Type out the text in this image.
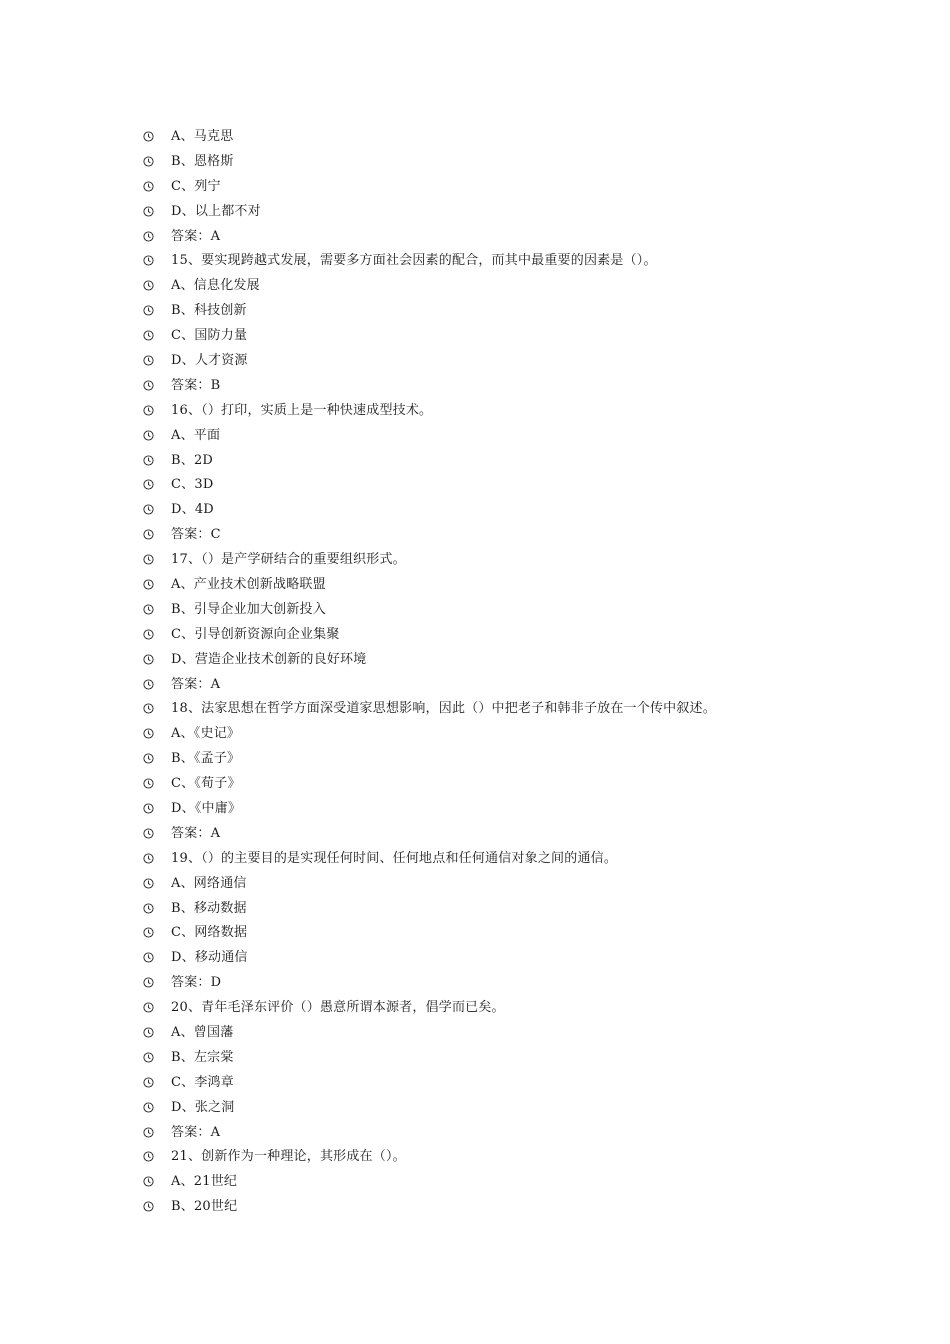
A、马克思
B、恩格斯
C、列宁
D、以上都不对
答案：A
15、要实现跨越式发展，需要多方面社会因素的配合，而其中最重要的因素是（）。
A、信息化发展
B、科技创新
C、国防力量
D、人才资源
答案：B
16、（）打印，实质上是一种快速成型技术。
A、平面
B、2D
C、3D
D、4D
答案：C
17、（）是产学研结合的重要组织形式。
A、产业技术创新战略联盟
B、引导企业加大创新投入
C、引导创新资源向企业集聚
D、营造企业技术创新的良好环境
答案：A
18、法家思想在哲学方面深受道家思想影响，因此（）中把老子和韩非子放在一个传中叙述。
A、《史记》
B、《孟子》
C、《荀子》
D、《中庸》
答案：A
19、（）的主要目的是实现任何时间、任何地点和任何通信对象之间的通信。
A、网络通信
B、移动数据
C、网络数据
D、移动通信
答案：D
20、青年毛泽东评价（）愚意所谓本源者，倡学而已矣。
A、曾国藩
B、左宗棠
C、李鸿章
D、张之洞
答案：A
21、创新作为一种理论，其形成在（）。
A、21世纪
B、20世纪
